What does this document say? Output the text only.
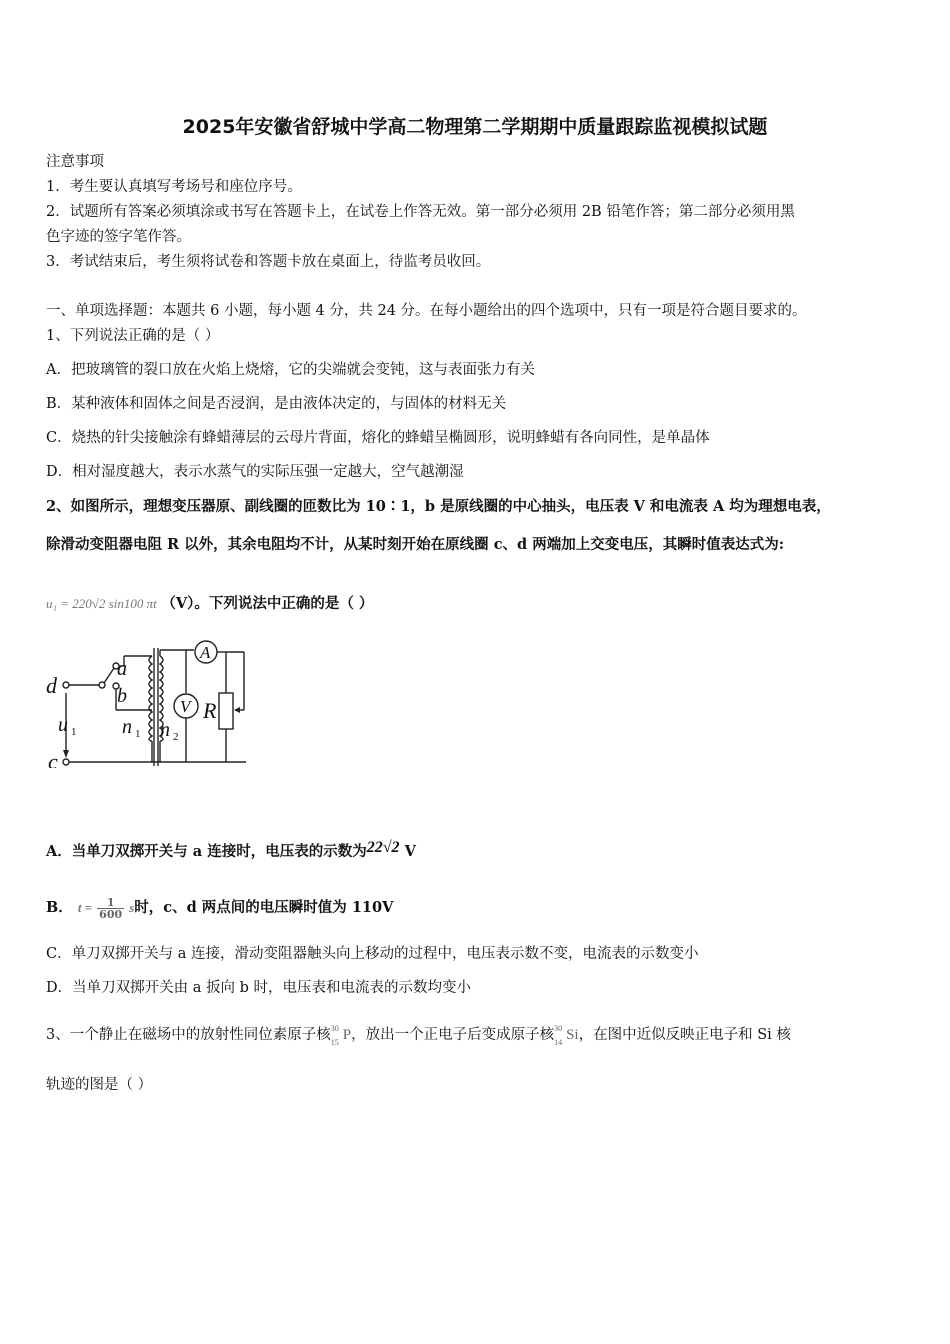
2025年安徽省舒城中学高二物理第二学期期中质量跟踪监视模拟试题
注意事项
1．考生要认真填写考场号和座位序号。
2．试题所有答案必须填涂或书写在答题卡上，在试卷上作答无效。第一部分必须用 2B 铅笔作答；第二部分必须用黑
色字迹的签字笔作答。
3．考试结束后，考生须将试卷和答题卡放在桌面上，待监考员收回。
一、单项选择题：本题共 6 小题，每小题 4 分，共 24 分。在每小题给出的四个选项中，只有一项是符合题目要求的。
1、下列说法正确的是（ ）
A．把玻璃管的裂口放在火焰上烧熔，它的尖端就会变钝，这与表面张力有关
B．某种液体和固体之间是否浸润，是由液体决定的，与固体的材料无关
C．烧热的针尖接触涂有蜂蜡薄层的云母片背面，熔化的蜂蜡呈椭圆形，说明蜂蜡有各向同性，是单晶体
D．相对湿度越大，表示水蒸气的实际压强一定越大，空气越潮湿
2、如图所示，理想变压器原、副线圈的匝数比为 10∶1，b 是原线圈的中心抽头，电压表 V 和电流表 A 均为理想电表，
除滑动变阻器电阻 R 以外，其余电阻均不计，从某时刻开始在原线圈 c、d 两端加上交变电压，其瞬时值表达式为:
u₁ = 220√2 sin100 πt （V）。下列说法中正确的是（ ）
d
c
a
b
u 1 n 1 n 2
A
V R
A．当单刀双掷开关与 a 连接时，电压表的示数为22√2 V
B． $t = \frac{1}{600}$ s时，c、d 两点间的电压瞬时值为 110V
C．单刀双掷开关与 a 连接，滑动变阻器触头向上移动的过程中，电压表示数不变，电流表的示数变小
D．当单刀双掷开关由 a 扳向 b 时，电压表和电流表的示数均变小
3、一个静止在磁场中的放射性同位素原子核 30
15 P，放出一个正电子后变成原子核 30
14 Si，在图中近似反映正电子和 Si 核
轨迹的图是（ ）
